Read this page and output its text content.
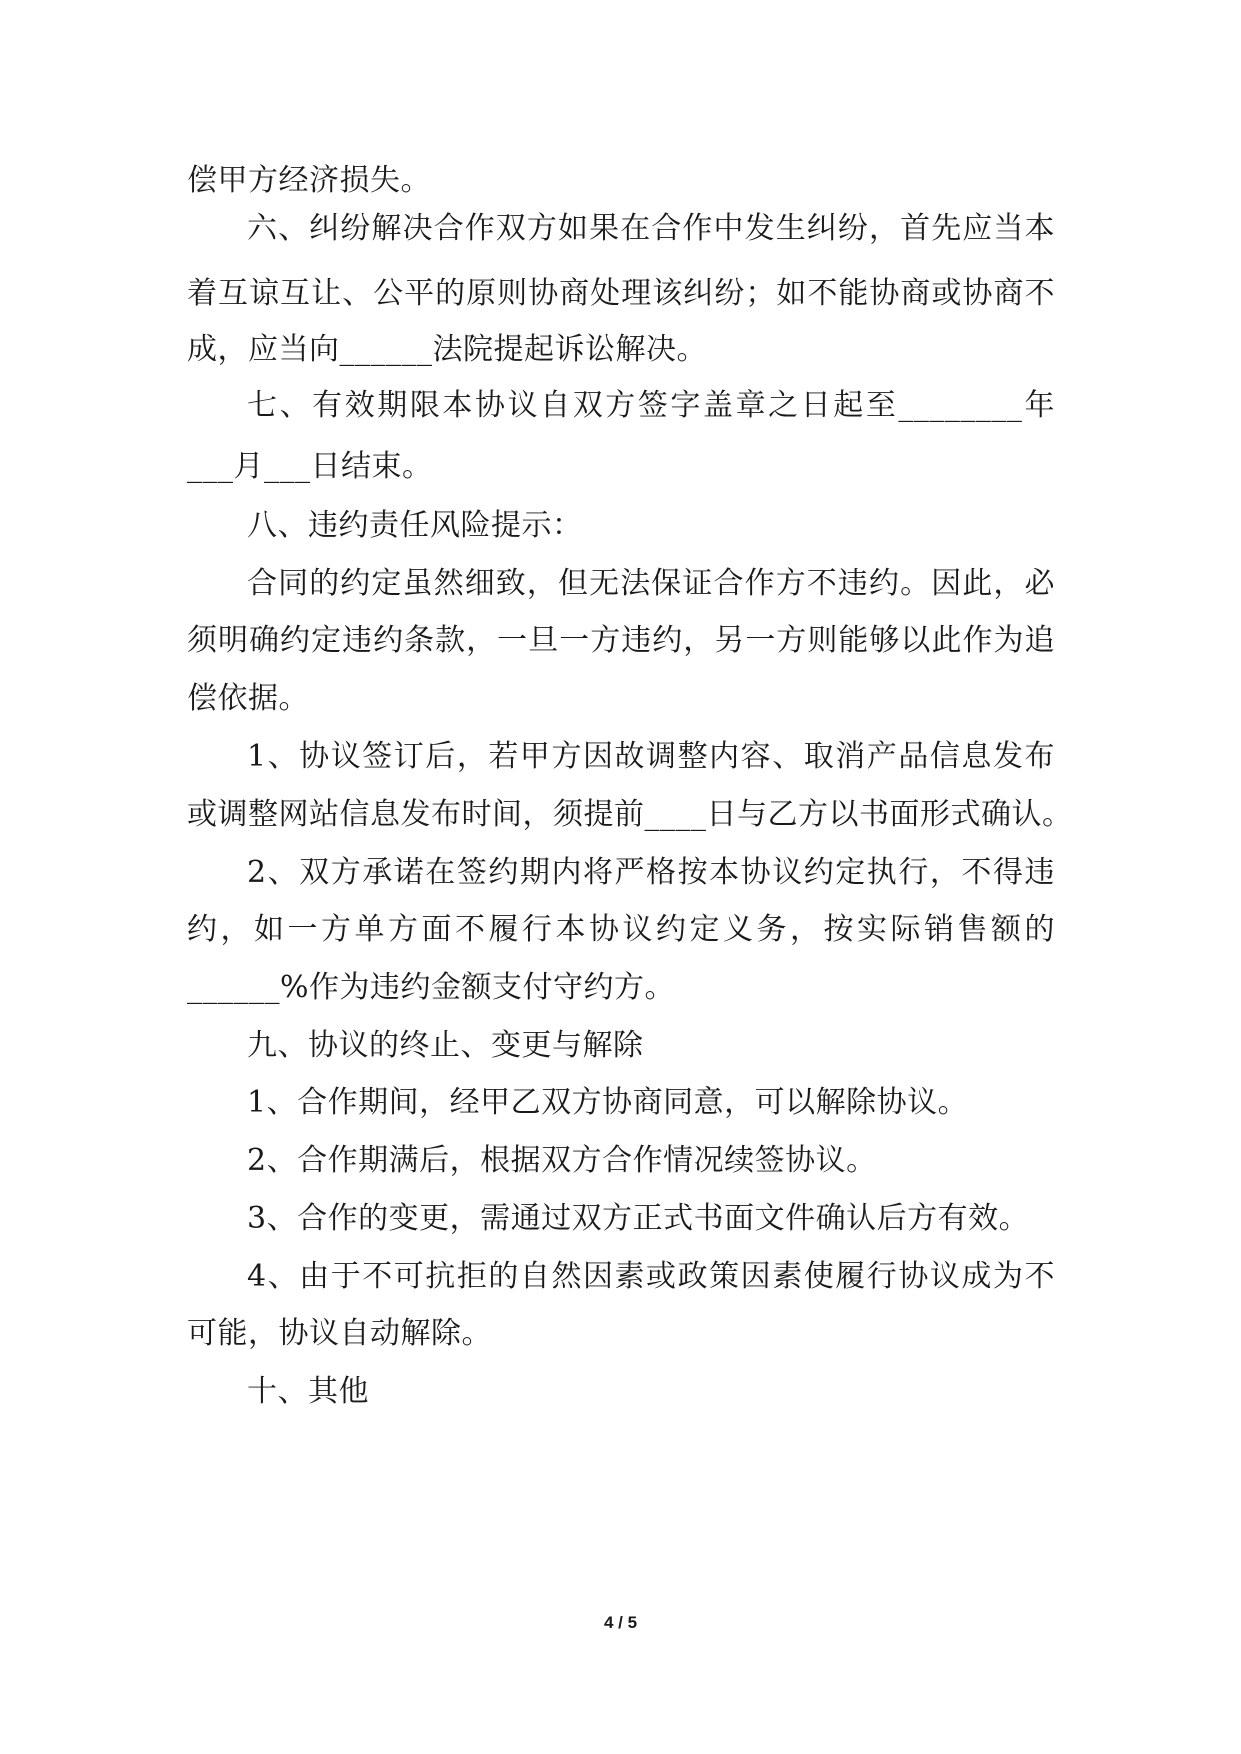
偿甲方经济损失。
六、纠纷解决合作双方如果在合作中发生纠纷，首先应当本
着互谅互让、公平的原则协商处理该纠纷；如不能协商或协商不
成，应当向______法院提起诉讼解决。
七、有效期限本协议自双方签字盖章之日起至________年
___月___日结束。
八、违约责任风险提示：
合同的约定虽然细致，但无法保证合作方不违约。因此，必
须明确约定违约条款，一旦一方违约，另一方则能够以此作为追
偿依据。
1、协议签订后，若甲方因故调整内容、取消产品信息发布
或调整网站信息发布时间，须提前____日与乙方以书面形式确认。
2、双方承诺在签约期内将严格按本协议约定执行，不得违
约，如一方单方面不履行本协议约定义务，按实际销售额的
______%作为违约金额支付守约方。
九、协议的终止、变更与解除
1、合作期间，经甲乙双方协商同意，可以解除协议。
2、合作期满后，根据双方合作情况续签协议。
3、合作的变更，需通过双方正式书面文件确认后方有效。
4、由于不可抗拒的自然因素或政策因素使履行协议成为不
可能，协议自动解除。
十、其他
4 / 5
